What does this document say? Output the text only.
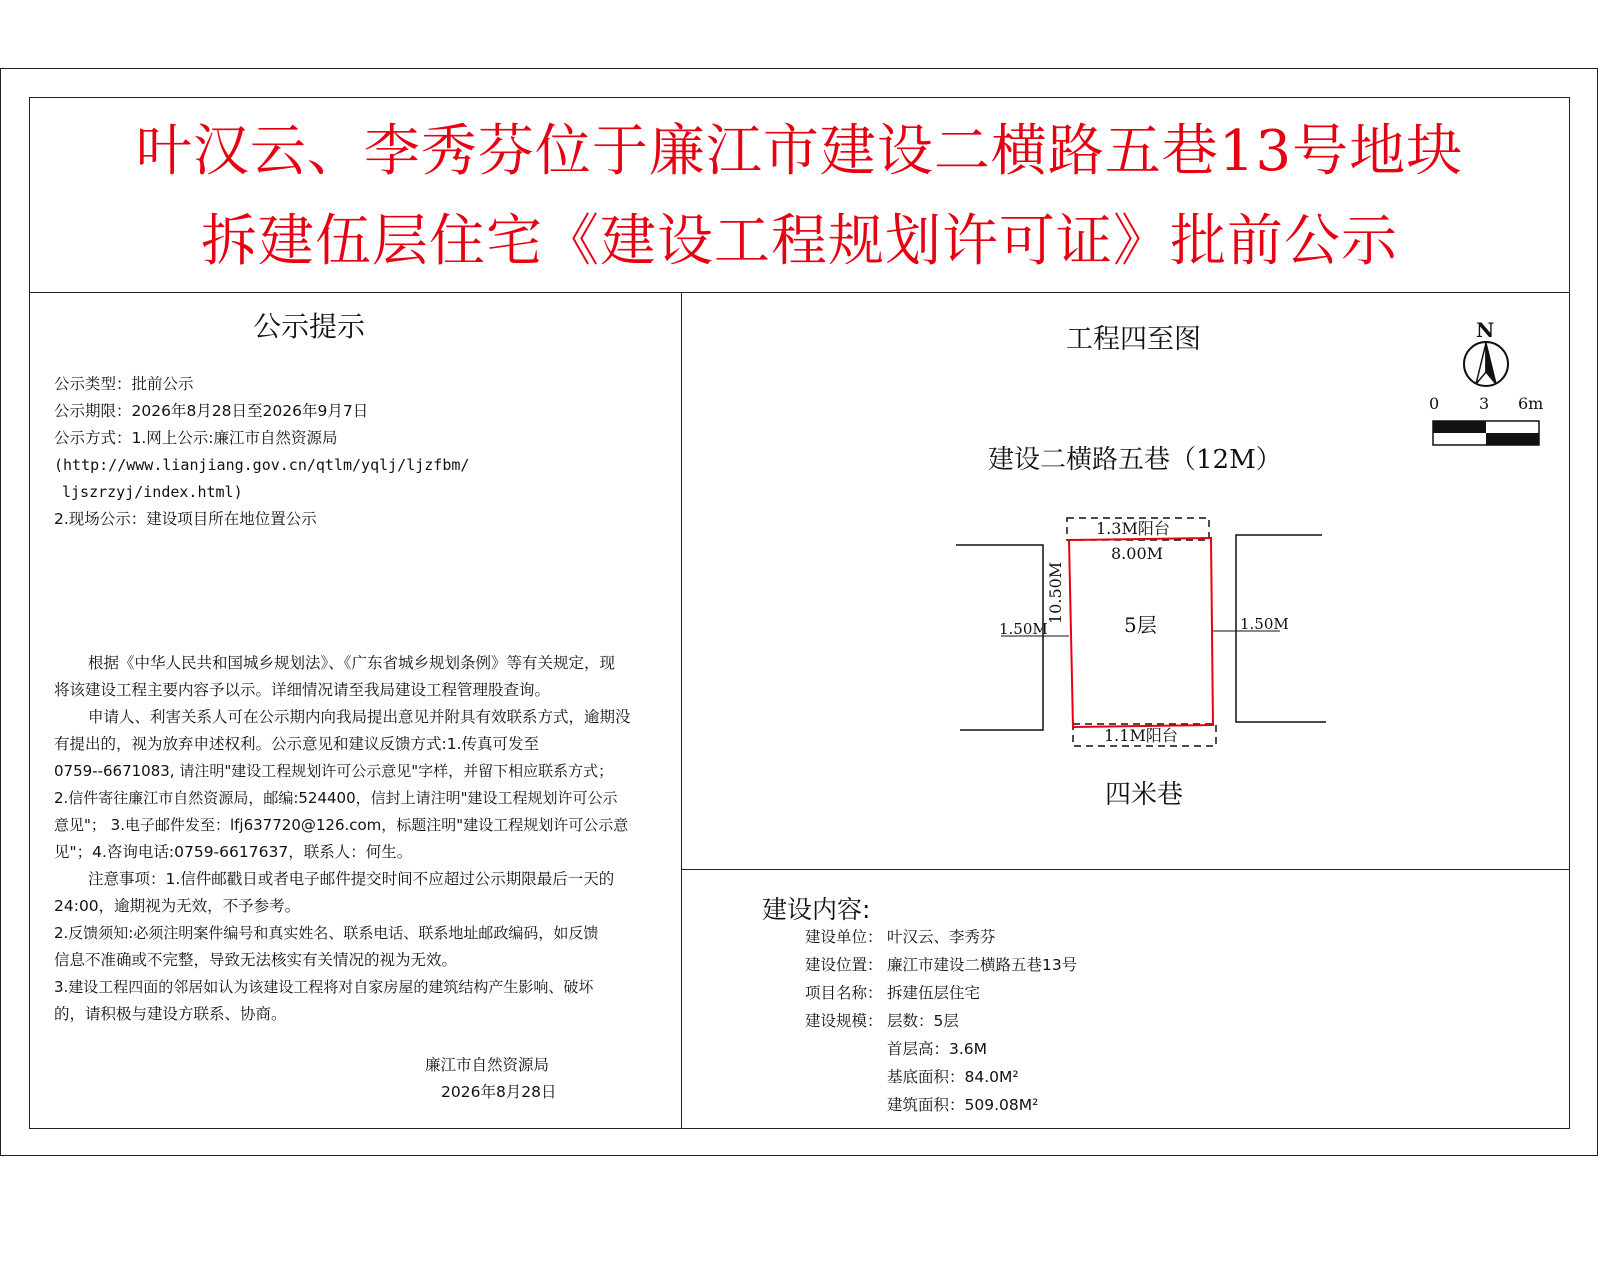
叶汉云、李秀芬位于廉江市建设二横路五巷13号地块
拆建伍层住宅《建设工程规划许可证》批前公示
公示提示
公示类型：批前公示
公示期限：2026年8月28日至2026年9月7日
公示方式：1.网上公示:廉江市自然资源局
(http://www.lianjiang.gov.cn/qtlm/yqlj/ljzfbm/
ljszrzyj/index.html)
2.现场公示：建设项目所在地位置公示
根据《中华人民共和国城乡规划法》、《广东省城乡规划条例》等有关规定，现
将该建设工程主要内容予以示。详细情况请至我局建设工程管理股查询。
申请人、利害关系人可在公示期内向我局提出意见并附具有效联系方式，逾期没
有提出的，视为放弃申述权利。公示意见和建议反馈方式:1.传真可发至
0759--6671083, 请注明"建设工程规划许可公示意见"字样，并留下相应联系方式；
2.信件寄往廉江市自然资源局，邮编:524400，信封上请注明"建设工程规划许可公示
意见"； 3.电子邮件发至：lfj637720@126.com，标题注明"建设工程规划许可公示意
见"；4.咨询电话:0759-6617637，联系人：何生。
注意事项：1.信件邮戳日或者电子邮件提交时间不应超过公示期限最后一天的
24:00，逾期视为无效，不予参考。
2.反馈须知:必须注明案件编号和真实姓名、联系电话、联系地址邮政编码，如反馈
信息不准确或不完整，导致无法核实有关情况的视为无效。
3.建设工程四面的邻居如认为该建设工程将对自家房屋的建筑结构产生影响、破坏
的，请积极与建设方联系、协商。
廉江市自然资源局
2026年8月28日
工程四至图	N
0 3 6m
建设二横路五巷（12M）
四米巷
1.3M阳台
8.00M
5层
10.50M
1.50M	1.50M
1.1M阳台
建设内容:
建设单位： 叶汉云、李秀芬
建设位置： 廉江市建设二横路五巷13号
项目名称： 拆建伍层住宅
建设规模： 层数：5层
首层高：3.6M
基底面积：84.0M²
建筑面积：509.08M²
